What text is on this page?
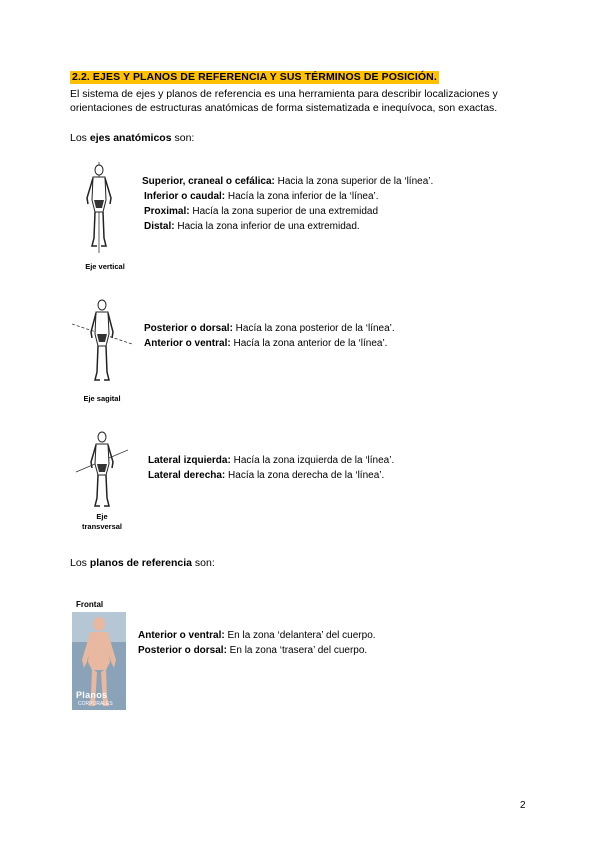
2.2. EJES Y PLANOS DE REFERENCIA Y SUS TÉRMINOS DE POSICIÓN.
El sistema de ejes y planos de referencia es una herramienta para describir localizaciones y orientaciones de estructuras anatómicas de forma sistematizada e inequívoca, son exactas.
Los ejes anatómicos son:
Eje vertical
Superior, craneal o cefálica: Hacia la zona superior de la ‘línea’.
Inferior o caudal: Hacía la zona inferior de la ‘línea’.
Proximal: Hacía la zona superior de una extremidad
Distal: Hacia la zona inferior de una extremidad.
Eje sagital
Posterior o dorsal: Hacía la zona posterior de la ‘línea’.
Anterior o ventral: Hacía la zona anterior de la ‘línea’.
Eje
transversal
Lateral izquierda: Hacía la zona izquierda de la ‘línea’.
Lateral derecha: Hacía la zona derecha de la ‘línea’.
Los planos de referencia son:
Frontal
Planos
CORPORALES
Anterior o ventral: En la zona ‘delantera’ del cuerpo.
Posterior o dorsal: En la zona ‘trasera’ del cuerpo.
2
